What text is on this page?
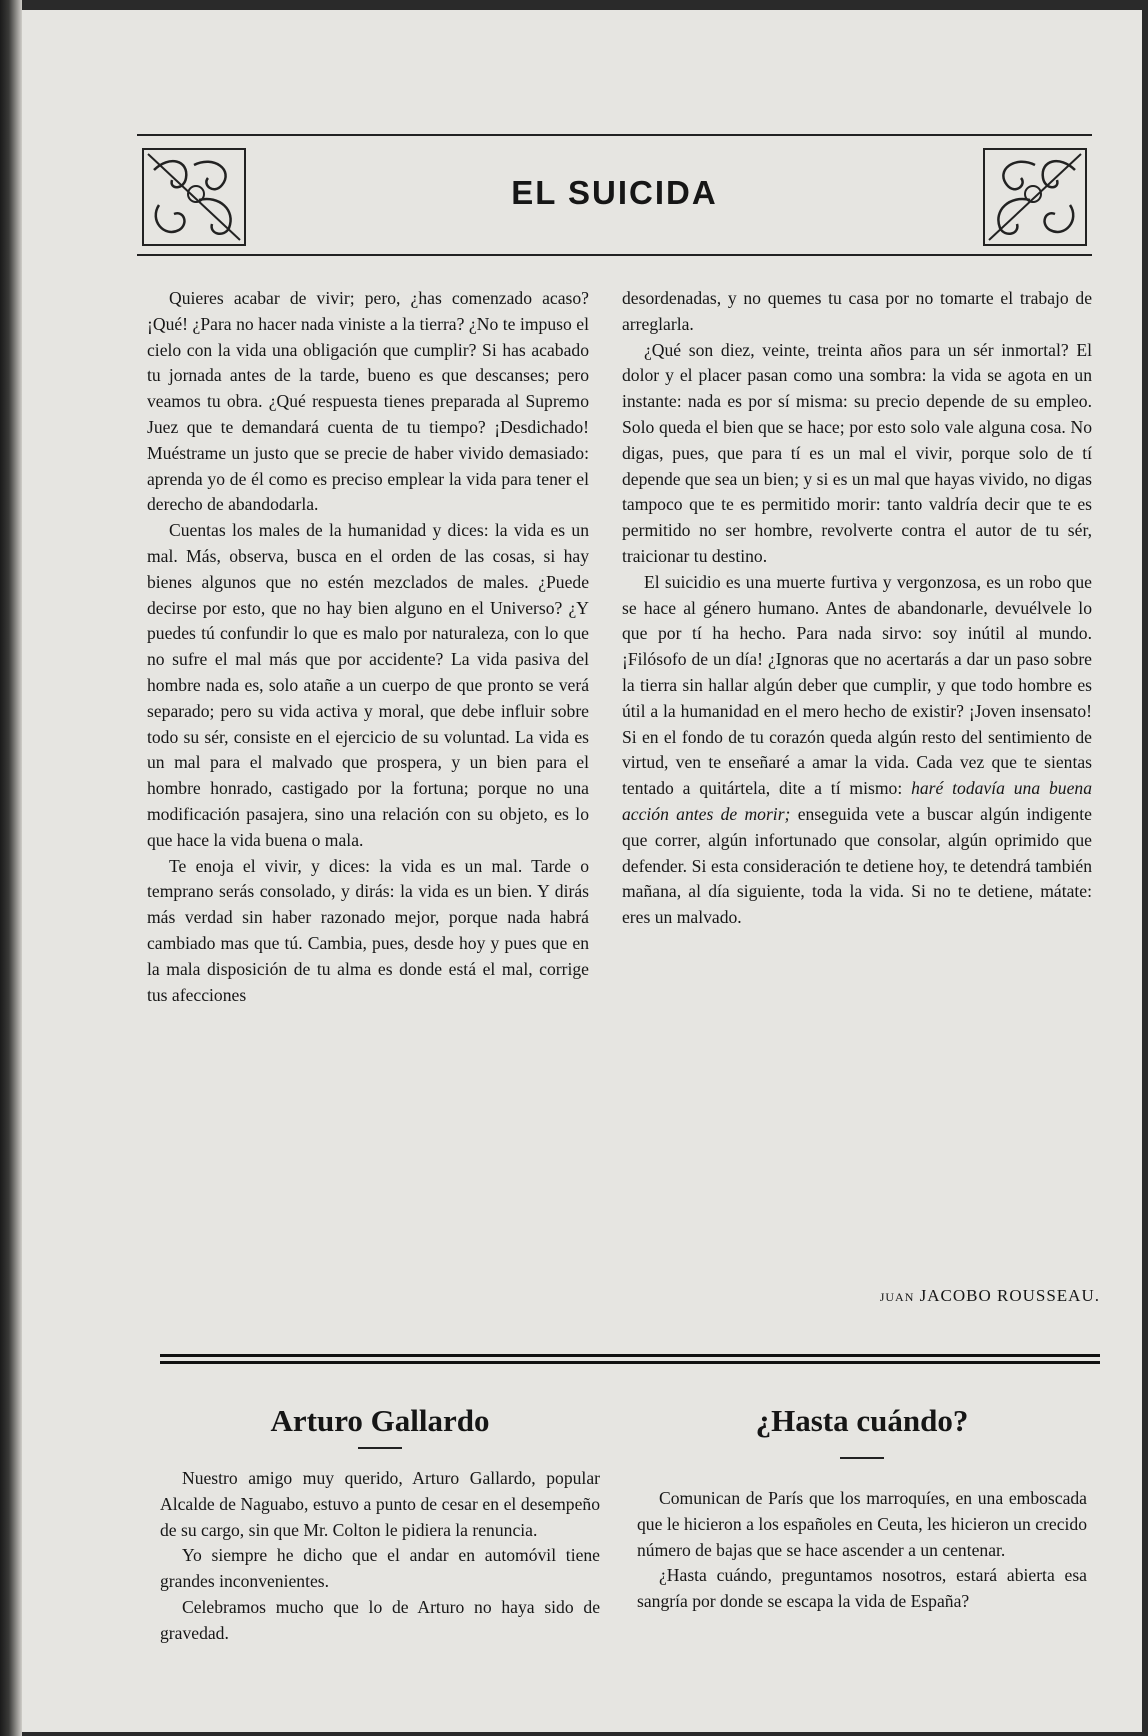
EL SUICIDA

Quieres acabar de vivir; pero, ¿has comenzado acaso? ¡Qué! ¿Para no hacer nada viniste a la tierra? ¿No te impuso el cielo con la vida una obligación que cumplir? Si has acabado tu jornada antes de la tarde, bueno es que descanses; pero veamos tu obra. ¿Qué respuesta tienes preparada al Supremo Juez que te demandará cuenta de tu tiempo? ¡Desdichado! Muéstrame un justo que se precie de haber vivido demasiado: aprenda yo de él como es preciso emplear la vida para tener el derecho de abandodarla.

Cuentas los males de la humanidad y dices: la vida es un mal. Más, observa, busca en el orden de las cosas, si hay bienes algunos que no estén mezclados de males. ¿Puede decirse por esto, que no hay bien alguno en el Universo? ¿Y puedes tú confundir lo que es malo por naturaleza, con lo que no sufre el mal más que por accidente? La vida pasiva del hombre nada es, solo atañe a un cuerpo de que pronto se verá separado; pero su vida activa y moral, que debe influir sobre todo su sér, consiste en el ejercicio de su voluntad. La vida es un mal para el malvado que prospera, y un bien para el hombre honrado, castigado por la fortuna; porque no una modificación pasajera, sino una relación con su objeto, es lo que hace la vida buena o mala.

Te enoja el vivir, y dices: la vida es un mal. Tarde o temprano serás consolado, y dirás: la vida es un bien. Y dirás más verdad sin haber razonado mejor, porque nada habrá cambiado mas que tú. Cambia, pues, desde hoy y pues que en la mala disposición de tu alma es donde está el mal, corrige tus afecciones

desordenadas, y no quemes tu casa por no tomarte el trabajo de arreglarla.

¿Qué son diez, veinte, treinta años para un sér inmortal? El dolor y el placer pasan como una sombra: la vida se agota en un instante: nada es por sí misma: su precio depende de su empleo. Solo queda el bien que se hace; por esto solo vale alguna cosa. No digas, pues, que para tí es un mal el vivir, porque solo de tí depende que sea un bien; y si es un mal que hayas vivido, no digas tampoco que te es permitido morir: tanto valdría decir que te es permitido no ser hombre, revolverte contra el autor de tu sér, traicionar tu destino.

El suicidio es una muerte furtiva y vergonzosa, es un robo que se hace al género humano. Antes de abandonarle, devuélvele lo que por tí ha hecho. Para nada sirvo: soy inútil al mundo. ¡Filósofo de un día! ¿Ignoras que no acertarás a dar un paso sobre la tierra sin hallar algún deber que cumplir, y que todo hombre es útil a la humanidad en el mero hecho de existir? ¡Joven insensato! Si en el fondo de tu corazón queda algún resto del sentimiento de virtud, ven te enseñaré a amar la vida. Cada vez que te sientas tentado a quitártela, dite a tí mismo: haré todavía una buena acción antes de morir; enseguida vete a buscar algún indigente que correr, algún infortunado que consolar, algún oprimido que defender. Si esta consideración te detiene hoy, te detendrá también mañana, al día siguiente, toda la vida. Si no te detiene, mátate: eres un malvado.

JUAN JACOBO ROUSSEAU.
Arturo Gallardo

Nuestro amigo muy querido, Arturo Gallardo, popular Alcalde de Naguabo, estuvo a punto de cesar en el desempeño de su cargo, sin que Mr. Colton le pidiera la renuncia.

Yo siempre he dicho que el andar en automóvil tiene grandes inconvenientes.

Celebramos mucho que lo de Arturo no haya sido de gravedad.

¿Hasta cuándo?

Comunican de París que los marroquíes, en una emboscada que le hicieron a los españoles en Ceuta, les hicieron un crecido número de bajas que se hace ascender a un centenar.

¿Hasta cuándo, preguntamos nosotros, estará abierta esa sangría por donde se escapa la vida de España?
